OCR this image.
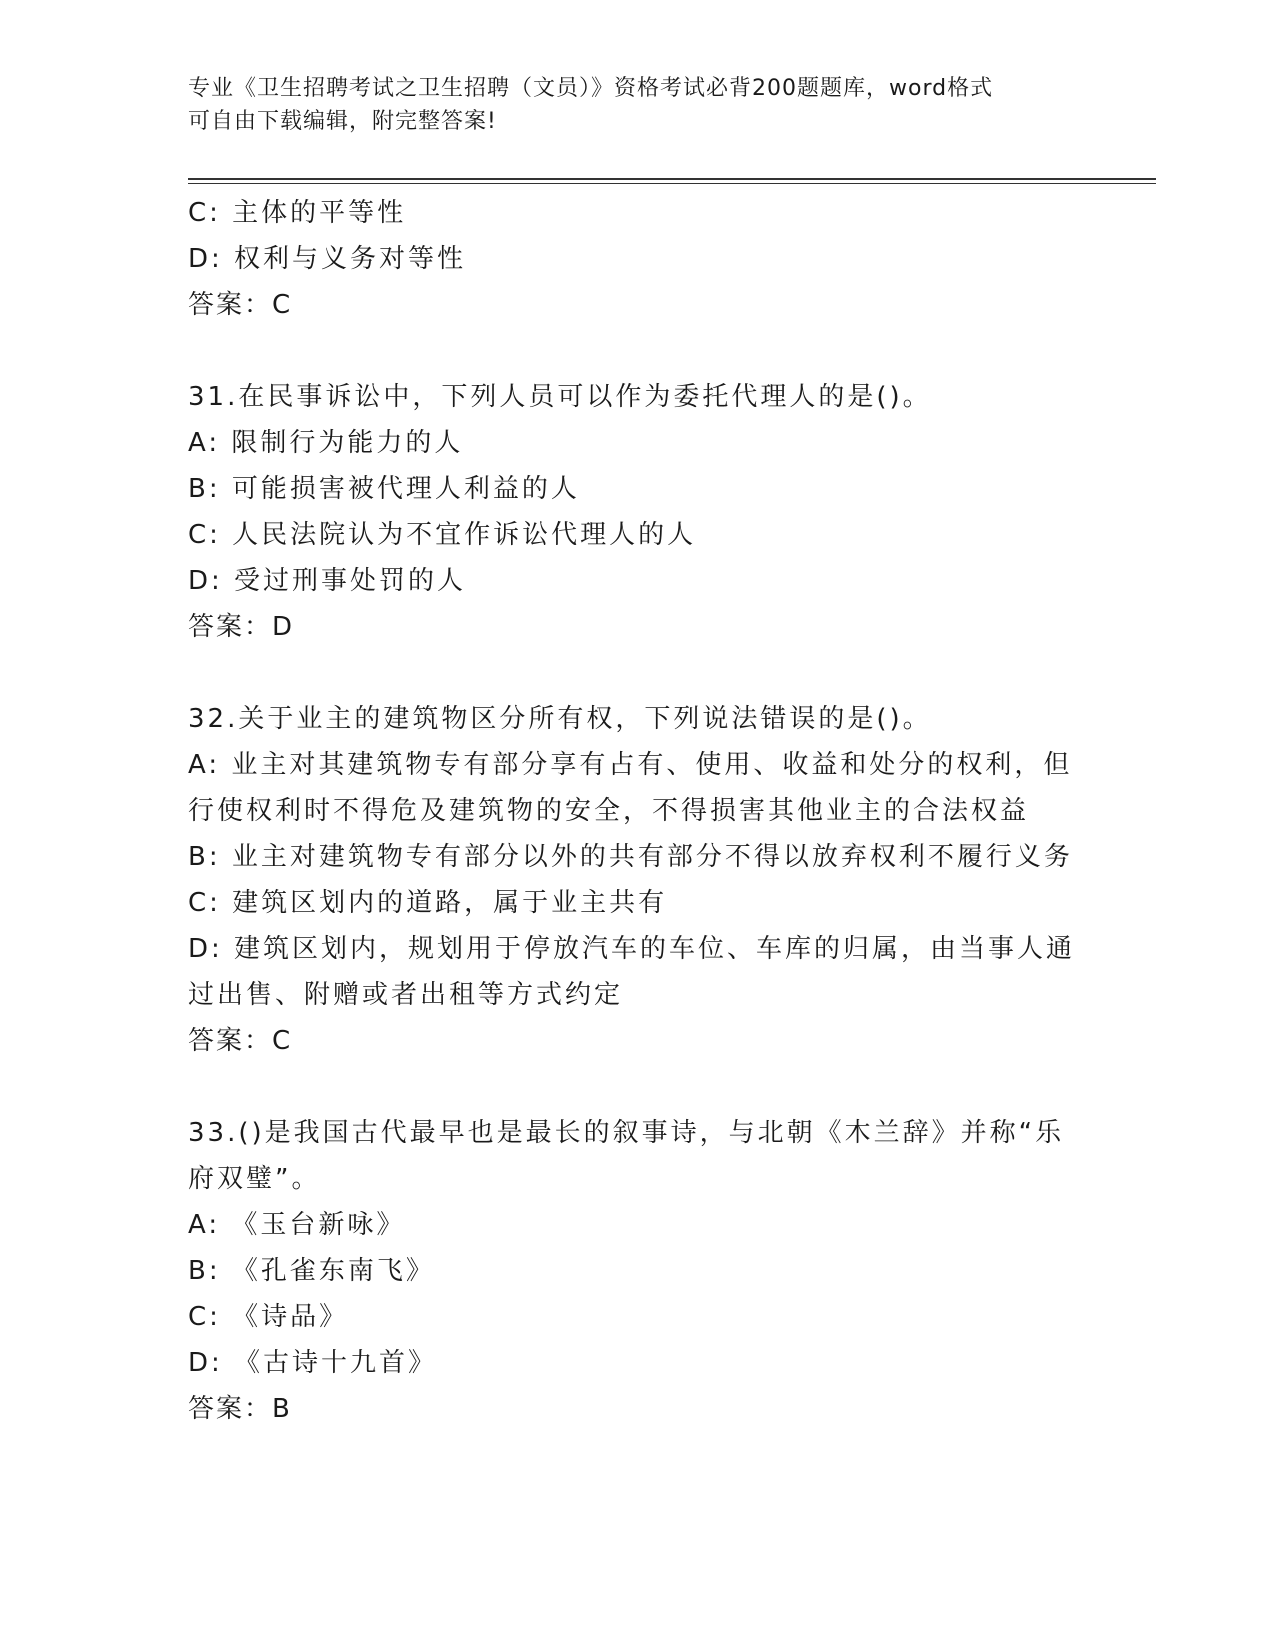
专业《卫生招聘考试之卫生招聘（文员）》资格考试必背200题题库，word格式
可自由下载编辑，附完整答案!
C: 主体的平等性
D: 权利与义务对等性
答案：C
31.在民事诉讼中，下列人员可以作为委托代理人的是()。
A: 限制行为能力的人
B: 可能损害被代理人利益的人
C: 人民法院认为不宜作诉讼代理人的人
D: 受过刑事处罚的人
答案：D
32.关于业主的建筑物区分所有权，下列说法错误的是()。
A: 业主对其建筑物专有部分享有占有、使用、收益和处分的权利，但
行使权利时不得危及建筑物的安全，不得损害其他业主的合法权益
B: 业主对建筑物专有部分以外的共有部分不得以放弃权利不履行义务
C: 建筑区划内的道路，属于业主共有
D: 建筑区划内，规划用于停放汽车的车位、车库的归属，由当事人通
过出售、附赠或者出租等方式约定
答案：C
33.()是我国古代最早也是最长的叙事诗，与北朝《木兰辞》并称“乐
府双璧”。
A: 《玉台新咏》
B: 《孔雀东南飞》
C: 《诗品》
D: 《古诗十九首》
答案：B
